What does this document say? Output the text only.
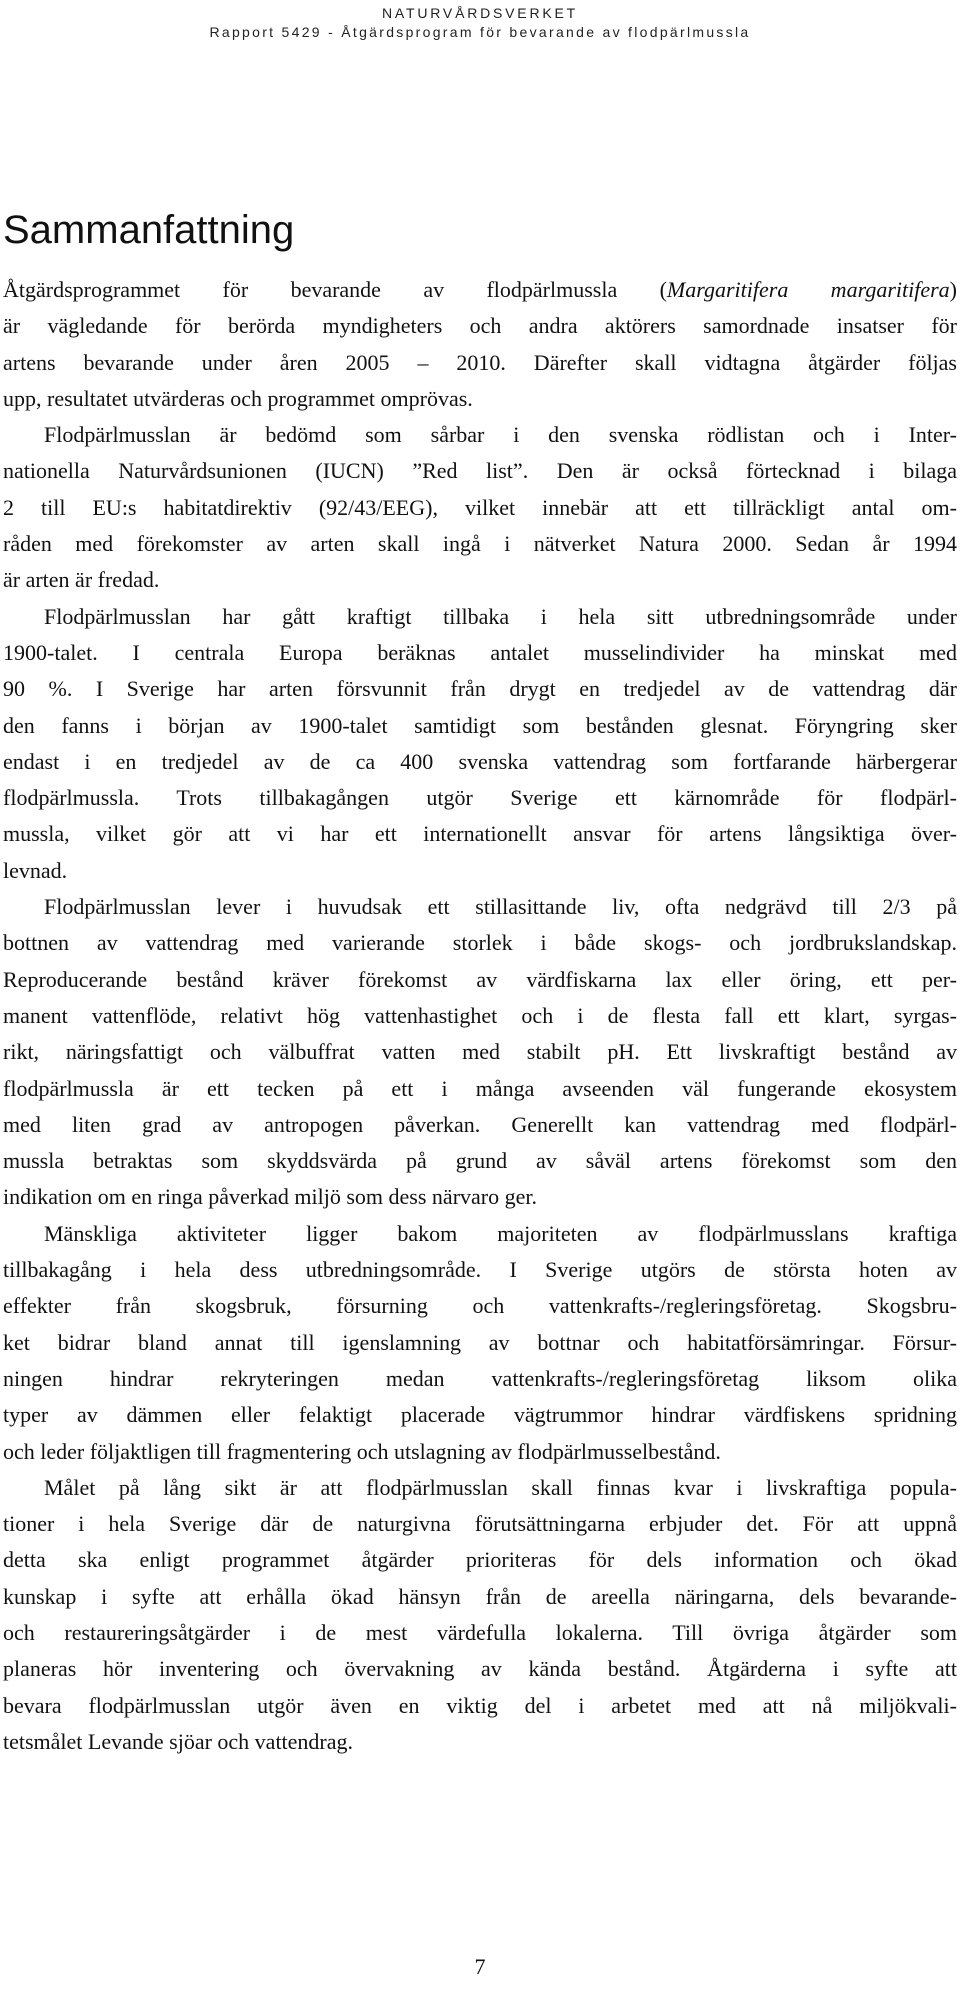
NATURVÅRDSVERKET
Rapport 5429 - Åtgärdsprogram för bevarande av flodpärlmussla
Sammanfattning
Åtgärdsprogrammet för bevarande av flodpärlmussla (Margaritifera margaritifera)
är vägledande för berörda myndigheters och andra aktörers samordnade insatser för
artens bevarande under åren 2005 – 2010. Därefter skall vidtagna åtgärder följas
upp, resultatet utvärderas och programmet omprövas.
Flodpärlmusslan är bedömd som sårbar i den svenska rödlistan och i Inter-
nationella Naturvårdsunionen (IUCN) ”Red list”. Den är också förtecknad i bilaga
2 till EU:s habitatdirektiv (92/43/EEG), vilket innebär att ett tillräckligt antal om-
råden med förekomster av arten skall ingå i nätverket Natura 2000. Sedan år 1994
är arten är fredad.
Flodpärlmusslan har gått kraftigt tillbaka i hela sitt utbredningsområde under
1900-talet. I centrala Europa beräknas antalet musselindivider ha minskat med
90 %. I Sverige har arten försvunnit från drygt en tredjedel av de vattendrag där
den fanns i början av 1900-talet samtidigt som bestånden glesnat. Föryngring sker
endast i en tredjedel av de ca 400 svenska vattendrag som fortfarande härbergerar
flodpärlmussla. Trots tillbakagången utgör Sverige ett kärnområde för flodpärl-
mussla, vilket gör att vi har ett internationellt ansvar för artens långsiktiga över-
levnad.
Flodpärlmusslan lever i huvudsak ett stillasittande liv, ofta nedgrävd till 2/3 på
bottnen av vattendrag med varierande storlek i både skogs- och jordbrukslandskap.
Reproducerande bestånd kräver förekomst av värdfiskarna lax eller öring, ett per-
manent vattenflöde, relativt hög vattenhastighet och i de flesta fall ett klart, syrgas-
rikt, näringsfattigt och välbuffrat vatten med stabilt pH. Ett livskraftigt bestånd av
flodpärlmussla är ett tecken på ett i många avseenden väl fungerande ekosystem
med liten grad av antropogen påverkan. Generellt kan vattendrag med flodpärl-
mussla betraktas som skyddsvärda på grund av såväl artens förekomst som den
indikation om en ringa påverkad miljö som dess närvaro ger.
Mänskliga aktiviteter ligger bakom majoriteten av flodpärlmusslans kraftiga
tillbakagång i hela dess utbredningsområde. I Sverige utgörs de största hoten av
effekter från skogsbruk, försurning och vattenkrafts-/regleringsföretag. Skogsbru-
ket bidrar bland annat till igenslamning av bottnar och habitatförsämringar. Försur-
ningen hindrar rekryteringen medan vattenkrafts-/regleringsföretag liksom olika
typer av dämmen eller felaktigt placerade vägtrummor hindrar värdfiskens spridning
och leder följaktligen till fragmentering och utslagning av flodpärlmusselbestånd.
Målet på lång sikt är att flodpärlmusslan skall finnas kvar i livskraftiga popula-
tioner i hela Sverige där de naturgivna förutsättningarna erbjuder det. För att uppnå
detta ska enligt programmet åtgärder prioriteras för dels information och ökad
kunskap i syfte att erhålla ökad hänsyn från de areella näringarna, dels bevarande-
och restaureringsåtgärder i de mest värdefulla lokalerna. Till övriga åtgärder som
planeras hör inventering och övervakning av kända bestånd. Åtgärderna i syfte att
bevara flodpärlmusslan utgör även en viktig del i arbetet med att nå miljökvali-
tetsmålet Levande sjöar och vattendrag.
7
